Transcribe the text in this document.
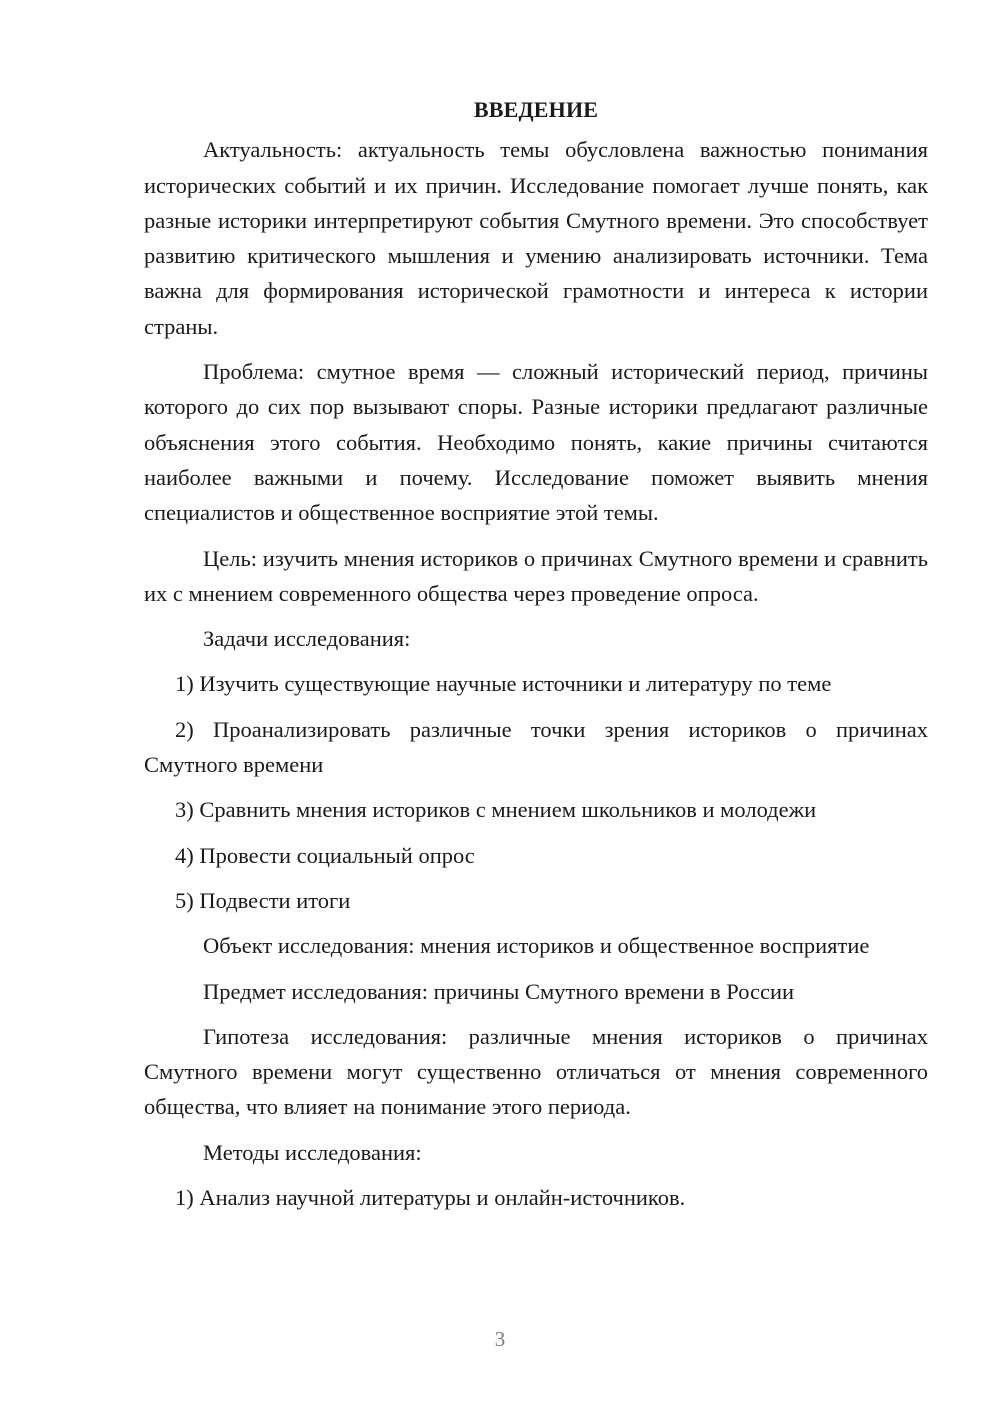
ВВЕДЕНИЕ

Актуальность: актуальность темы обусловлена важностью понимания исторических событий и их причин. Исследование помогает лучше понять, как разные историки интерпретируют события Смутного времени. Это способствует развитию критического мышления и умению анализировать источники. Тема важна для формирования исторической грамотности и интереса к истории страны.

Проблема: смутное время — сложный исторический период, причины которого до сих пор вызывают споры. Разные историки предлагают различные объяснения этого события. Необходимо понять, какие причины считаются наиболее важными и почему. Исследование поможет выявить мнения специалистов и общественное восприятие этой темы.

Цель: изучить мнения историков о причинах Смутного времени и сравнить их с мнением современного общества через проведение опроса.

Задачи исследования:

1) Изучить существующие научные источники и литературу по теме

2) Проанализировать различные точки зрения историков о причинах Смутного времени

3) Сравнить мнения историков с мнением школьников и молодежи

4) Провести социальный опрос

5) Подвести итоги

Объект исследования: мнения историков и общественное восприятие

Предмет исследования: причины Смутного времени в России

Гипотеза исследования: различные мнения историков о причинах Смутного времени могут существенно отличаться от мнения современного общества, что влияет на понимание этого периода.

Методы исследования:

1) Анализ научной литературы и онлайн-источников.

3
